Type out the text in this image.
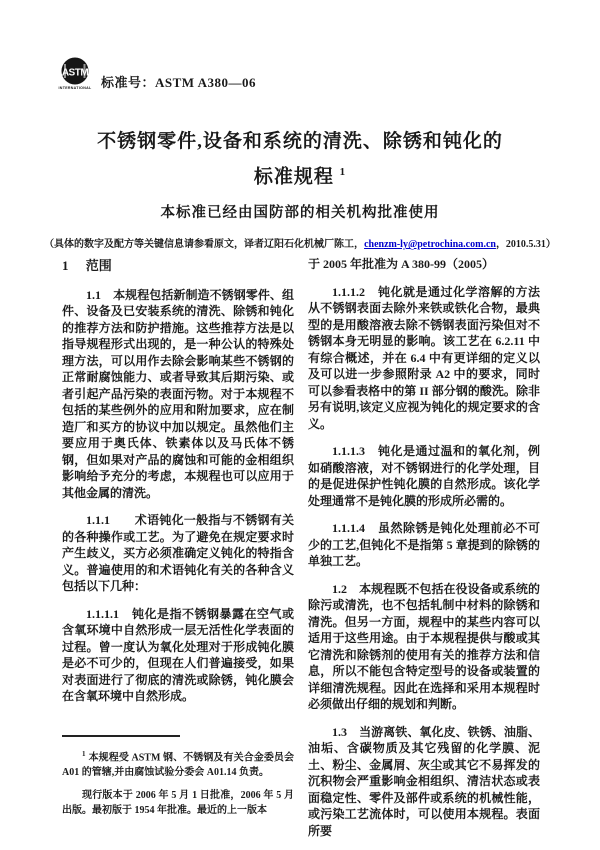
ASTM
INTERNATIONAL 标准号：ASTM A380—06
不锈钢零件,设备和系统的清洗、除锈和钝化的
标准规程 $^1$
本标准已经由国防部的相关机构批准使用
（具体的数字及配方等关键信息请参看原文，译者辽阳石化机械厂陈工，chenzm-ly@petrochina.com.cn，2010.5.31）
1 范围

1.1　本规程包括新制造不锈钢零件、组件、设备及已安装系统的清洗、除锈和钝化的推荐方法和防护措施。这些推荐方法是以指导规程形式出现的，是一种公认的特殊处理方法，可以用作去除会影响某些不锈钢的正常耐腐蚀能力、或者导致其后期污染、或者引起产品污染的表面污物。对于本规程不包括的某些例外的应用和附加要求，应在制造厂和买方的协议中加以规定。虽然他们主要应用于奥氏体、铁素体以及马氏体不锈钢，但如果对产品的腐蚀和可能的金相组织影响给予充分的考虑，本规程也可以应用于其他金属的清洗。

1.1.1　　术语钝化一般指与不锈钢有关的各种操作或工艺。为了避免在规定要求时产生歧义，买方必须准确定义钝化的特指含义。普遍使用的和术语钝化有关的各种含义包括以下几种：

1.1.1.1　钝化是指不锈钢暴露在空气或含氧环境中自然形成一层无活性化学表面的过程。曾一度认为氧化处理对于形成钝化膜是必不可少的，但现在人们普遍接受，如果对表面进行了彻底的清洗或除锈，钝化膜会在含氧环境中自然形成。

$^1$ 本规程受 ASTM 钢、不锈钢及有关合金委员会 A01 的管辖,并由腐蚀试验分委会 A01.14 负责。

现行版本于 2006 年 5 月 1 日批准，2006 年 5 月出版。最初版于 1954 年批准。最近的上一版本

于 2005 年批准为 A 380-99（2005）

1.1.1.2　钝化就是通过化学溶解的方法从不锈钢表面去除外来铁或铁化合物，最典型的是用酸溶液去除不锈钢表面污染但对不锈钢本身无明显的影响。该工艺在 6.2.11 中有综合概述，并在 6.4 中有更详细的定义以及可以进一步参照附录 A2 中的要求，同时可以参看表格中的第 II 部分钢的酸洗。除非另有说明,该定义应视为钝化的规定要求的含义。

1.1.1.3　钝化是通过温和的氧化剂，例如硝酸溶液，对不锈钢进行的化学处理，目的是促进保护性钝化膜的自然形成。该化学处理通常不是钝化膜的形成所必需的。

1.1.1.4　虽然除锈是钝化处理前必不可少的工艺,但钝化不是指第 5 章提到的除锈的单独工艺。

1.2　本规程既不包括在役设备或系统的除污或清洗，也不包括轧制中材料的除锈和清洗。但另一方面，规程中的某些内容可以适用于这些用途。由于本规程提供与酸或其它清洗和除锈剂的使用有关的推荐方法和信息，所以不能包含特定型号的设备或装置的详细清洗规程。因此在选择和采用本规程时必须做出仔细的规划和判断。

1.3　当游离铁、氧化皮、铁锈、油脂、油垢、含碳物质及其它残留的化学膜、泥土、粉尘、金属屑、灰尘或其它不易挥发的沉积物会严重影响金相组织、清洁状态或表面稳定性、零件及部件或系统的机械性能，或污染工艺流体时，可以使用本规程。表面所要
